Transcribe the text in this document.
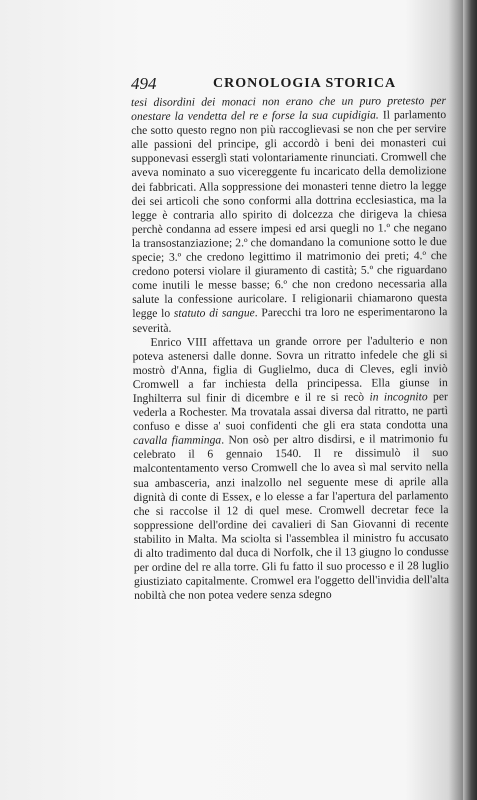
494	CRONOLOGIA STORICA

tesi disordini dei monaci non erano che un puro pretesto per onestare la vendetta del re e forse la sua cupidigia. Il parlamento che sotto questo regno non più raccoglievasi se non che per servire alle passioni del principe, gli accordò i beni dei monasteri cui supponevasi esserglì stati volontariamente rinunciati. Cromwell che aveva nominato a suo vicereggente fu incaricato della demolizione dei fabbricati. Alla soppressione dei monasteri tenne dietro la legge dei sei articoli che sono conformi alla dottrina ecclesiastica, ma la legge è contraria allo spirito di dolcezza che dirigeva la chiesa perchè condanna ad essere impesi ed arsi quegli no 1.º che negano la transostanziazione; 2.º che domandano la comunione sotto le due specie; 3.º che credono legittimo il matrimonio dei preti; 4.º che credono potersi violare il giuramento di castità; 5.º che riguardano come inutili le messe basse; 6.º che non credono necessaria alla salute la confessione auricolare. I religionarii chiamarono questa legge lo statuto di sangue. Parecchi tra loro ne esperimentarono la severità.

Enrico VIII affettava un grande orrore per l'adulterio e non poteva astenersi dalle donne. Sovra un ritratto infedele che gli si mostrò d'Anna, figlia di Guglielmo, duca di Cleves, egli inviò Cromwell a far inchiesta della principessa. Ella giunse in Inghilterra sul finir di dicembre e il re si recò in incognito per vederla a Rochester. Ma trovatala assai diversa dal ritratto, ne partì confuso e disse a' suoi confidenti che gli era stata condotta una cavalla fiamminga. Non osò per altro disdirsi, e il matrimonio fu celebrato il 6 gennaio 1540. Il re dissimulò il suo malcontentamento verso Cromwell che lo avea sì mal servito nella sua ambasceria, anzi inalzollo nel seguente mese di aprile alla dignità di conte di Essex, e lo elesse a far l'apertura del parlamento che si raccolse il 12 di quel mese. Cromwell decretar fece la soppressione dell'ordine dei cavalieri di San Giovanni di recente stabilito in Malta. Ma sciolta si l'assemblea il ministro fu accusato di alto tradimento dal duca di Norfolk, che il 13 giugno lo condusse per ordine del re alla torre. Gli fu fatto il suo processo e il 28 luglio giustiziato capitalmente. Cromwel era l'oggetto dell'invidia dell'alta nobiltà che non potea vedere senza sdegno
